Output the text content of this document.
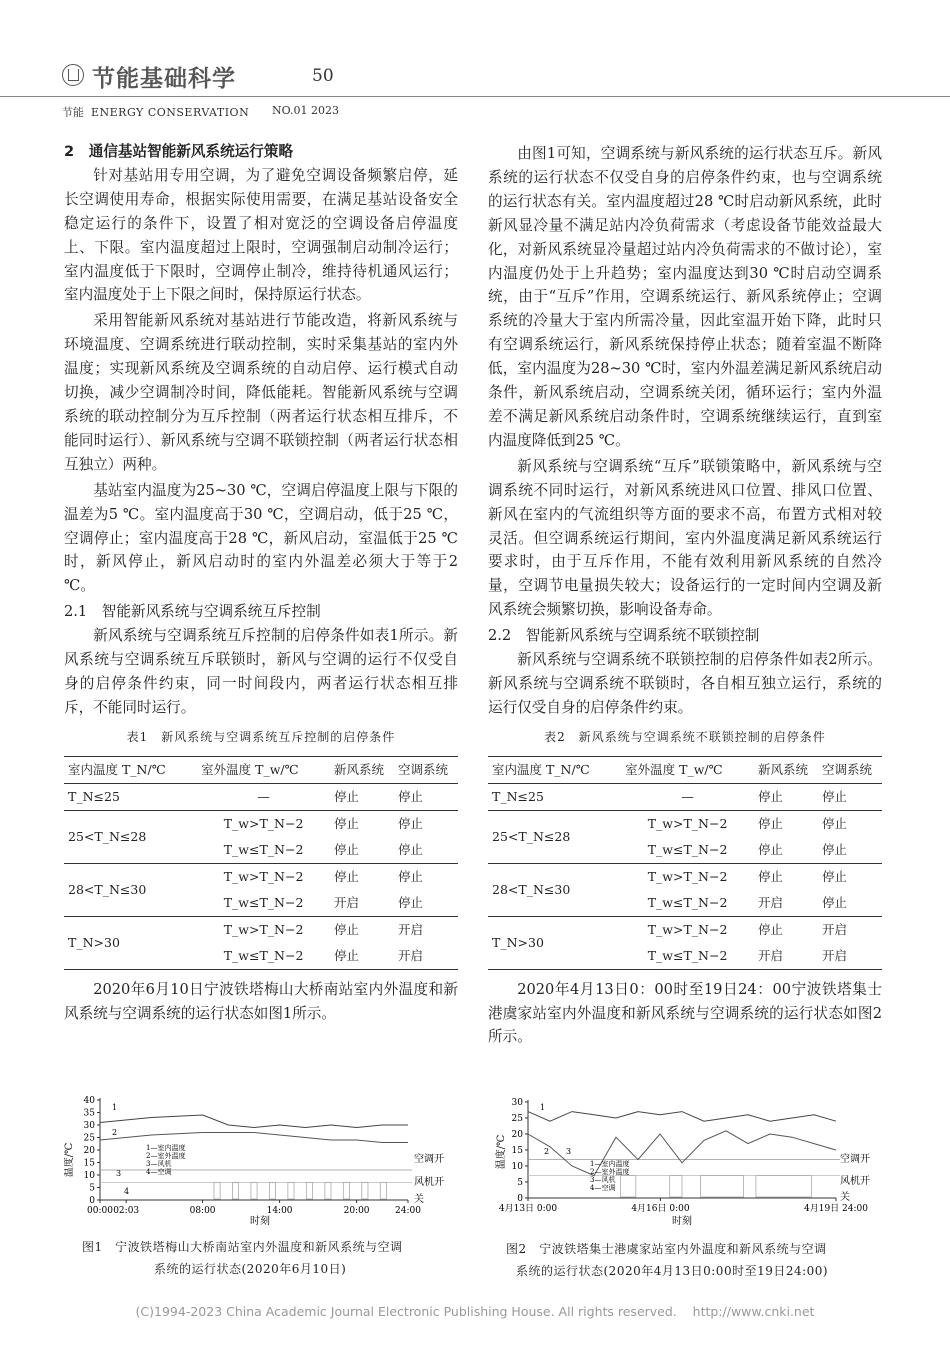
节能基础科学	50
节能 ENERGY CONSERVATION NO.01 2023
2　通信基站智能新风系统运行策略

针对基站用专用空调，为了避免空调设备频繁启停，延长空调使用寿命，根据实际使用需要，在满足基站设备安全稳定运行的条件下，设置了相对宽泛的空调设备启停温度上、下限。室内温度超过上限时，空调强制启动制冷运行；室内温度低于下限时，空调停止制冷，维持待机通风运行；室内温度处于上下限之间时，保持原运行状态。

采用智能新风系统对基站进行节能改造，将新风系统与环境温度、空调系统进行联动控制，实时采集基站的室内外温度；实现新风系统及空调系统的自动启停、运行模式自动切换，减少空调制冷时间，降低能耗。智能新风系统与空调系统的联动控制分为互斥控制（两者运行状态相互排斥，不能同时运行）、新风系统与空调不联锁控制（两者运行状态相互独立）两种。

基站室内温度为25~30 ℃，空调启停温度上限与下限的温差为5 ℃。室内温度高于30 ℃，空调启动，低于25 ℃，空调停止；室内温度高于28 ℃，新风启动，室温低于25 ℃时，新风停止，新风启动时的室内外温差必须大于等于2 ℃。

2.1　智能新风系统与空调系统互斥控制

新风系统与空调系统互斥控制的启停条件如表1所示。新风系统与空调系统互斥联锁时，新风与空调的运行不仅受自身的启停条件约束，同一时间段内，两者运行状态相互排斥，不能同时运行。

表1　新风系统与空调系统互斥控制的启停条件
室内温度 T_N/℃	室外温度 T_w/℃	新风系统	空调系统
T_N≤25	—	停止	停止
25<T_N≤28	T_w>T_N−2	停止	停止
	T_w≤T_N−2	停止	停止
28<T_N≤30	T_w>T_N−2	停止	停止
	T_w≤T_N−2	开启	停止
T_N>30	T_w>T_N−2	停止	开启
	T_w≤T_N−2	停止	开启

2020年6月10日宁波铁塔梅山大桥南站室内外温度和新风系统与空调系统的运行状态如图1所示。

由图1可知，空调系统与新风系统的运行状态互斥。新风系统的运行状态不仅受自身的启停条件约束，也与空调系统的运行状态有关。室内温度超过28 ℃时启动新风系统，此时新风显冷量不满足站内冷负荷需求（考虑设备节能效益最大化，对新风系统显冷量超过站内冷负荷需求的不做讨论），室内温度仍处于上升趋势；室内温度达到30 ℃时启动空调系统，由于“互斥”作用，空调系统运行、新风系统停止；空调系统的冷量大于室内所需冷量，因此室温开始下降，此时只有空调系统运行，新风系统保持停止状态；随着室温不断降低，室内温度为28~30 ℃时，室内外温差满足新风系统启动条件，新风系统启动，空调系统关闭，循环运行；室内外温差不满足新风系统启动条件时，空调系统继续运行，直到室内温度降低到25 ℃。

新风系统与空调系统“互斥”联锁策略中，新风系统与空调系统不同时运行，对新风系统进风口位置、排风口位置、新风在室内的气流组织等方面的要求不高，布置方式相对较灵活。但空调系统运行期间，室内外温度满足新风系统运行要求时，由于互斥作用，不能有效利用新风系统的自然冷量，空调节电量损失较大；设备运行的一定时间内空调及新风系统会频繁切换，影响设备寿命。

2.2　智能新风系统与空调系统不联锁控制

新风系统与空调系统不联锁控制的启停条件如表2所示。新风系统与空调系统不联锁时，各自相互独立运行，系统的运行仅受自身的启停条件约束。

表2　新风系统与空调系统不联锁控制的启停条件
室内温度 T_N/℃	室外温度 T_w/℃	新风系统	空调系统
T_N≤25	—	停止	停止
25<T_N≤28	T_w>T_N−2	停止	停止
	T_w≤T_N−2	停止	停止
28<T_N≤30	T_w>T_N−2	停止	停止
	T_w≤T_N−2	开启	停止
T_N>30	T_w>T_N−2	停止	开启
	T_w≤T_N−2	开启	开启

2020年4月13日0：00时至19日24：00宁波铁塔集士港虞家站室内外温度和新风系统与空调系统的运行状态如图2所示。

0
5
10
15
20
25
30
35
40
00:00 02:03	08:00	14:00	20:00	24:00
温度/℃
时刻
1—室内温度
2—室外温度
3—风机
4—空调
1
2
3
4
空调开
风机开
关
图1　宁波铁塔梅山大桥南站室内外温度和新风系统与空调
系统的运行状态(2020年6月10日)
0
5
10
15
20
25
30
4月13日 0:00	4月16日 0:00	4月19日 24:00
温度/℃
时刻
1—室内温度
2—室外温度
3—风机
4—空调
1
2 3
空调开
风机开
关
图2　宁波铁塔集士港虞家站室内外温度和新风系统与空调
系统的运行状态(2020年4月13日0:00时至19日24:00)
(C)1994-2023 China Academic Journal Electronic Publishing House. All rights reserved.    http://www.cnki.net
